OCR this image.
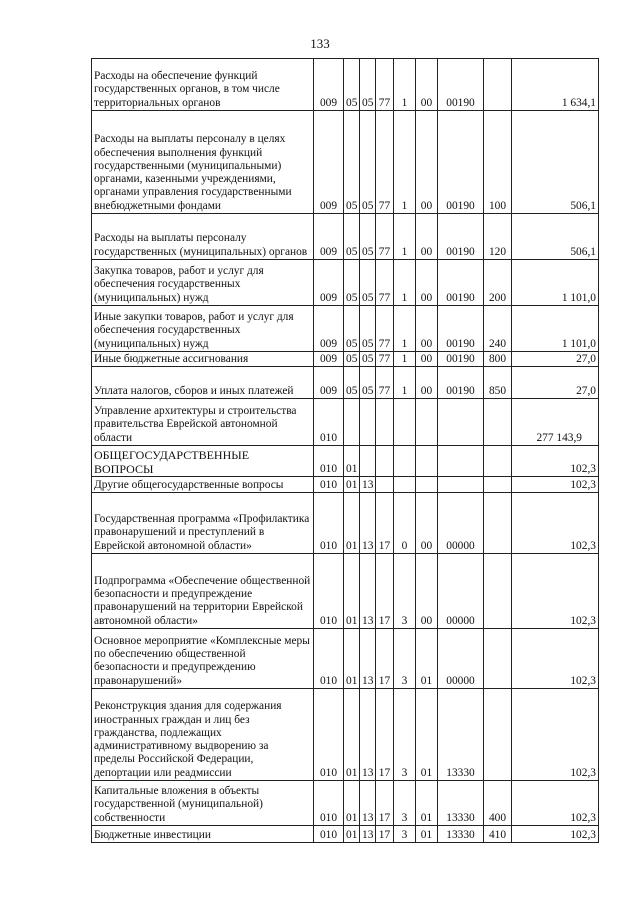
133
Расходы на обеспечение функций государственных органов, в том числе территориальных органов	009	05	05	77	1	00	00190		1 634,1
Расходы на выплаты персоналу в целях обеспечения выполнения функций государственными (муниципальными) органами, казенными учреждениями, органами управления государственными внебюджетными фондами	009	05	05	77	1	00	00190	100	506,1
Расходы на выплаты персоналу государственных (муниципальных) органов	009	05	05	77	1	00	00190	120	506,1
Закупка товаров, работ и услуг для обеспечения государственных (муниципальных) нужд	009	05	05	77	1	00	00190	200	1 101,0
Иные закупки товаров, работ и услуг для обеспечения государственных (муниципальных) нужд	009	05	05	77	1	00	00190	240	1 101,0
Иные бюджетные ассигнования	009	05	05	77	1	00	00190	800	27,0
Уплата налогов, сборов и иных платежей	009	05	05	77	1	00	00190	850	27,0
Управление архитектуры и строительства правительства Еврейской автономной области	010								277 143,9
ОБЩЕГОСУДАРСТВЕННЫЕ ВОПРОСЫ	010	01							102,3
Другие общегосударственные вопросы	010	01	13						102,3
Государственная программа «Профилактика правонарушений и преступлений в Еврейской автономной области»	010	01	13	17	0	00	00000		102,3
Подпрограмма «Обеспечение общественной безопасности и предупреждение правонарушений на территории Еврейской автономной области»	010	01	13	17	3	00	00000		102,3
Основное мероприятие «Комплексные меры по обеспечению общественной безопасности и предупреждению правонарушений»	010	01	13	17	3	01	00000		102,3
Реконструкция здания для содержания иностранных граждан и лиц без гражданства, подлежащих административному выдворению за пределы Российской Федерации, депортации или реадмиссии	010	01	13	17	3	01	13330		102,3
Капитальные вложения в объекты государственной (муниципальной) собственности	010	01	13	17	3	01	13330	400	102,3
Бюджетные инвестиции	010	01	13	17	3	01	13330	410	102,3
